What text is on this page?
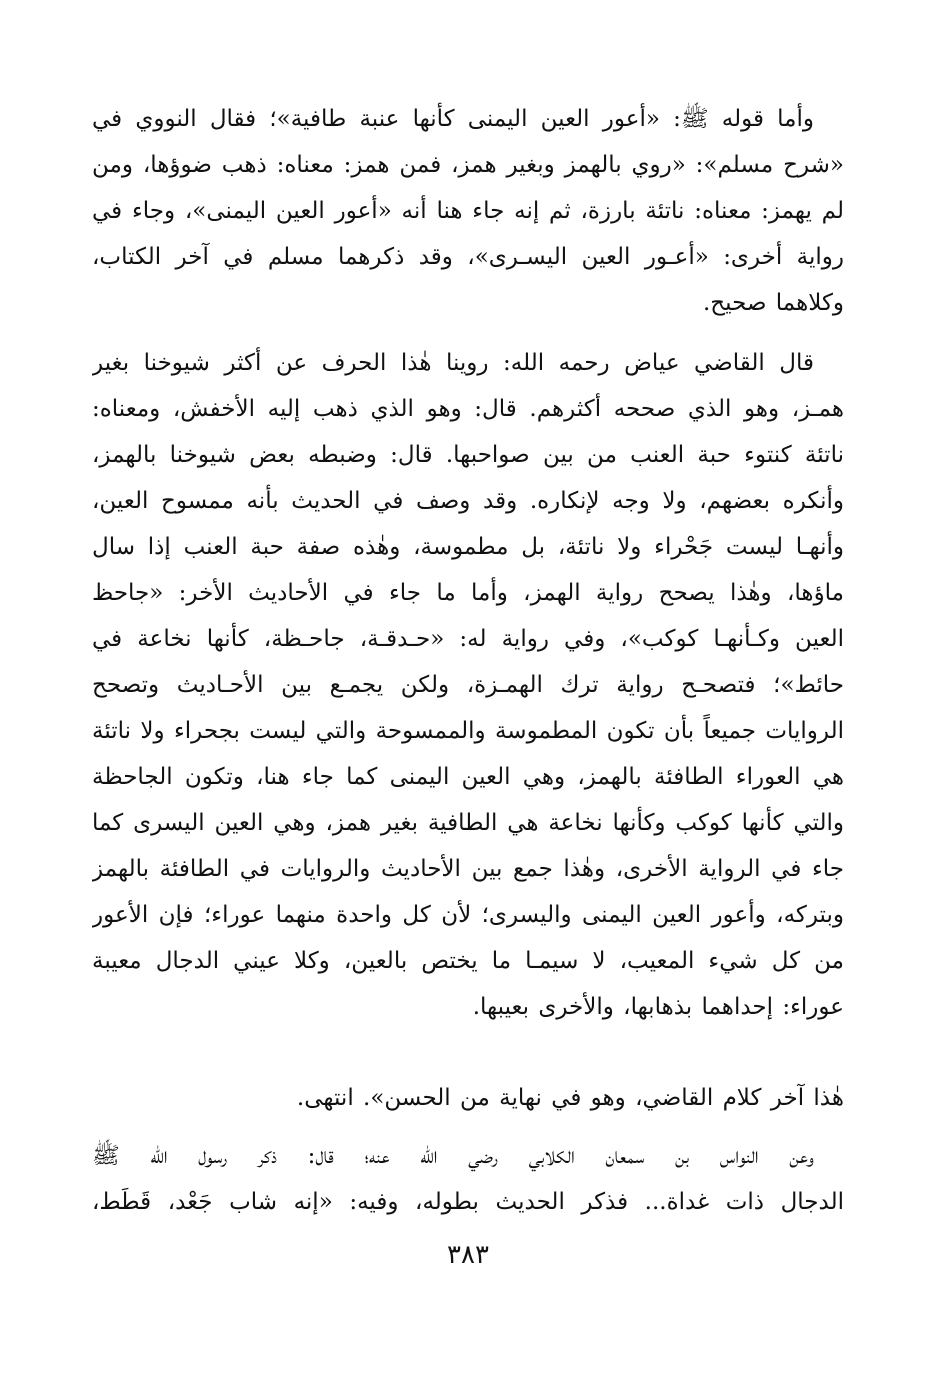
وأما قوله ﷺ: «أعور العين اليمنى كأنها عنبة طافية»؛ فقال النووي في
«شرح مسلم»: «روي بالهمز وبغير همز، فمن همز: معناه: ذهب ضوؤها، ومن
لم يهمز: معناه: ناتئة بارزة، ثم إنه جاء هنا أنه «أعور العين اليمنى»، وجاء في
رواية أخرى: «أعـور العين اليسـرى»، وقد ذكرهما مسلم في آخر الكتاب،
وكلاهما صحيح.
قال القاضي عياض رحمه الله: روينا هٰذا الحرف عن أكثر شيوخنا بغير
همـز، وهو الذي صححه أكثرهم. قال: وهو الذي ذهب إليه الأخفش، ومعناه:
ناتئة كنتوء حبة العنب من بين صواحبها. قال: وضبطه بعض شيوخنا بالهمز،
وأنكره بعضهم، ولا وجه لإنكاره. وقد وصف في الحديث بأنه ممسوح العين،
وأنهـا ليست جَحْراء ولا ناتئة، بل مطموسة، وهٰذه صفة حبة العنب إذا سال
ماؤها، وهٰذا يصحح رواية الهمز، وأما ما جاء في الأحاديث الأخر: «جاحظ
العين وكـأنهـا كوكب»، وفي رواية له: «حـدقـة، جاحـظة، كأنها نخاعة في
حائط»؛ فتصحـح رواية ترك الهمـزة، ولكن يجمـع بين الأحـاديث وتصحح
الروايات جميعاً بأن تكون المطموسة والممسوحة والتي ليست بجحراء ولا ناتئة
هي العوراء الطافئة بالهمز، وهي العين اليمنى كما جاء هنا، وتكون الجاحظة
والتي كأنها كوكب وكأنها نخاعة هي الطافية بغير همز، وهي العين اليسرى كما
جاء في الرواية الأخرى، وهٰذا جمع بين الأحاديث والروايات في الطافئة بالهمز
وبتركه، وأعور العين اليمنى واليسرى؛ لأن كل واحدة منهما عوراء؛ فإن الأعور
من كل شيء المعيب، لا سيمـا ما يختص بالعين، وكلا عيني الدجال معيبة
عوراء: إحداهما بذهابها، والأخرى بعيبها.
هٰذا آخر كلام القاضي، وهو في نهاية من الحسن». انتهى.
وعن النواس بن سمعان الكلابي رضي الله عنه؛ قال: ذكر رسول الله ﷺ
الدجال ذات غداة... فذكر الحديث بطوله، وفيه: «إنه شاب جَعْد، قَطَط،
٣٨٣
